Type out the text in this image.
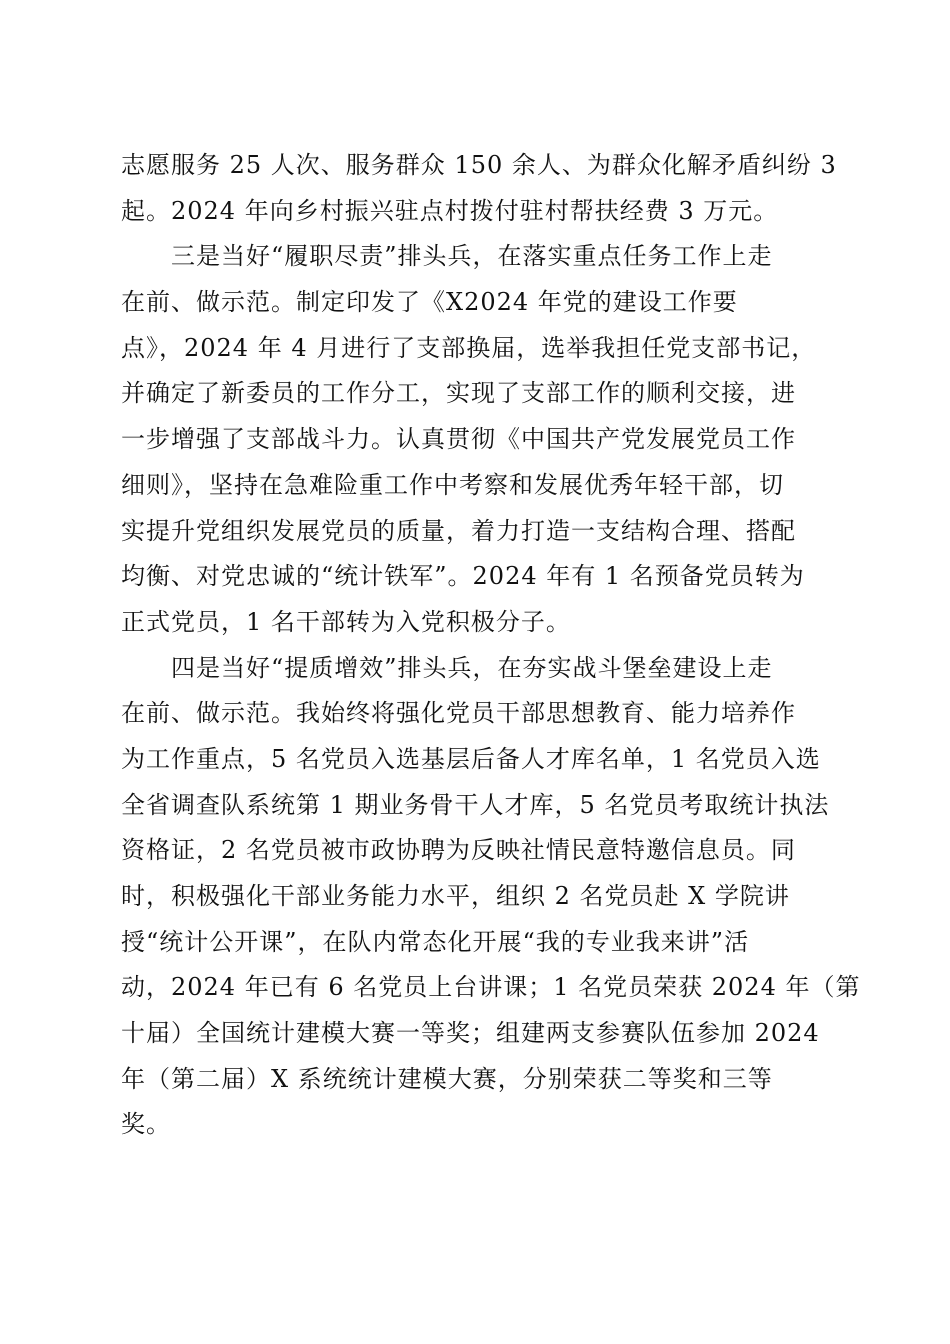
志愿服务 25 人次、服务群众 150 余人、为群众化解矛盾纠纷 3
起。2024 年向乡村振兴驻点村拨付驻村帮扶经费 3 万元。
三是当好“履职尽责”排头兵，在落实重点任务工作上走
在前、做示范。制定印发了《X2024 年党的建设工作要
点》，2024 年 4 月进行了支部换届，选举我担任党支部书记，
并确定了新委员的工作分工，实现了支部工作的顺利交接，进
一步增强了支部战斗力。认真贯彻《中国共产党发展党员工作
细则》，坚持在急难险重工作中考察和发展优秀年轻干部，切
实提升党组织发展党员的质量，着力打造一支结构合理、搭配
均衡、对党忠诚的“统计铁军”。2024 年有 1 名预备党员转为
正式党员，1 名干部转为入党积极分子。
四是当好“提质增效”排头兵，在夯实战斗堡垒建设上走
在前、做示范。我始终将强化党员干部思想教育、能力培养作
为工作重点，5 名党员入选基层后备人才库名单，1 名党员入选
全省调查队系统第 1 期业务骨干人才库，5 名党员考取统计执法
资格证，2 名党员被市政协聘为反映社情民意特邀信息员。同
时，积极强化干部业务能力水平，组织 2 名党员赴 X 学院讲
授“统计公开课”，在队内常态化开展“我的专业我来讲”活
动，2024 年已有 6 名党员上台讲课；1 名党员荣获 2024 年（第
十届）全国统计建模大赛一等奖；组建两支参赛队伍参加 2024
年（第二届）X 系统统计建模大赛，分别荣获二等奖和三等
奖。
